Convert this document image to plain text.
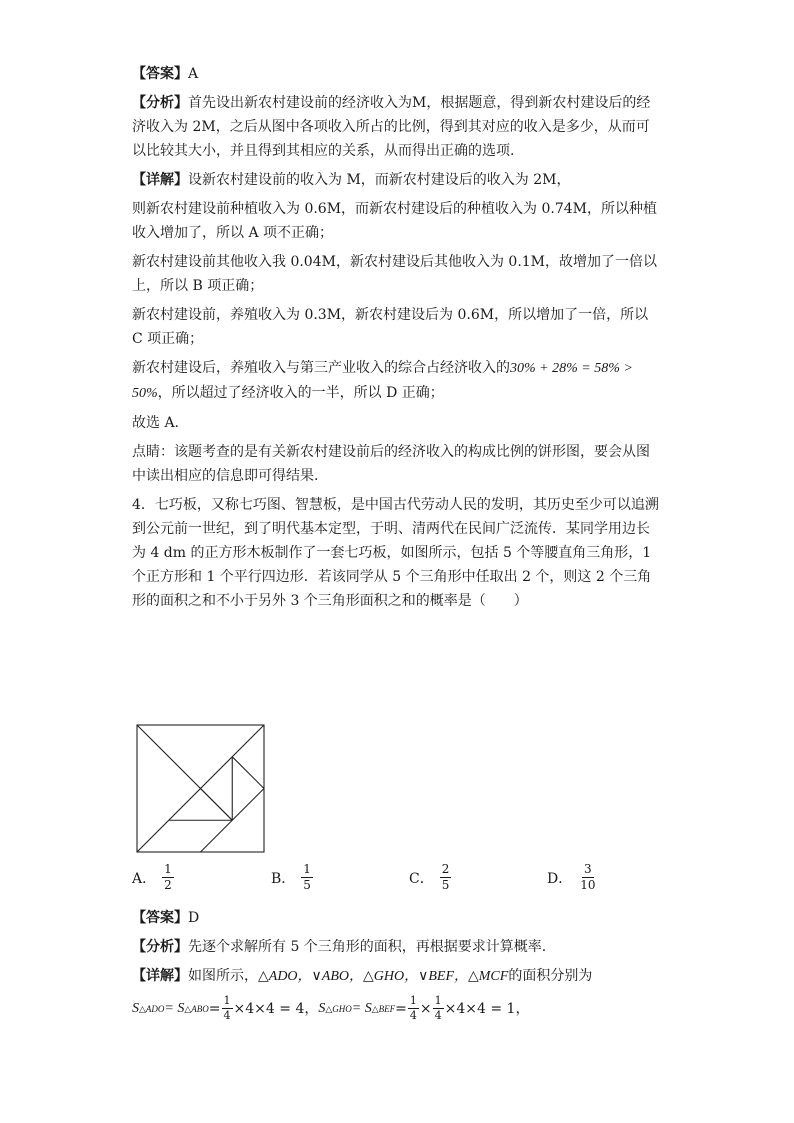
【答案】A

【分析】首先设出新农村建设前的经济收入为M，根据题意，得到新农村建设后的经济收入为 2M，之后从图中各项收入所占的比例，得到其对应的收入是多少，从而可以比较其大小，并且得到其相应的关系，从而得出正确的选项.

【详解】设新农村建设前的收入为 M，而新农村建设后的收入为 2M，

则新农村建设前种植收入为 0.6M，而新农村建设后的种植收入为 0.74M，所以种植收入增加了，所以 A 项不正确；

新农村建设前其他收入我 0.04M，新农村建设后其他收入为 0.1M，故增加了一倍以上，所以 B 项正确；

新农村建设前，养殖收入为 0.3M，新农村建设后为 0.6M，所以增加了一倍，所以 C 项正确；

新农村建设后，养殖收入与第三产业收入的综合占经济收入的30% + 28% = 58% > 50%，所以超过了经济收入的一半，所以 D 正确；

故选 A.

点睛：该题考查的是有关新农村建设前后的经济收入的构成比例的饼形图，要会从图中读出相应的信息即可得结果.

4．七巧板，又称七巧图、智慧板，是中国古代劳动人民的发明，其历史至少可以追溯到公元前一世纪，到了明代基本定型，于明、清两代在民间广泛流传．某同学用边长为 4 dm 的正方形木板制作了一套七巧板，如图所示，包括 5 个等腰直角三角形，1 个正方形和 1 个平行四边形．若该同学从 5 个三角形中任取出 2 个，则这 2 个三角形的面积之和不小于另外 3 个三角形面积之和的概率是（　　）

A． $\frac{1}{2}$	B． $\frac{1}{5}$	C． $\frac{2}{5}$	D． $\frac{3}{10}$

【答案】D

【分析】先逐个求解所有 5 个三角形的面积，再根据要求计算概率.

【详解】如图所示，△ADO，∨ABO，△GHO，∨BEF，△MCF的面积分别为

S △ADO = S △ABO = $\frac{1}{4} \times 4\times 4 = 4$ ， S △GHO = S △BEF = $\frac{1}{4} \times \frac{1}{4} \times 4\times 4 = 1$ ，
